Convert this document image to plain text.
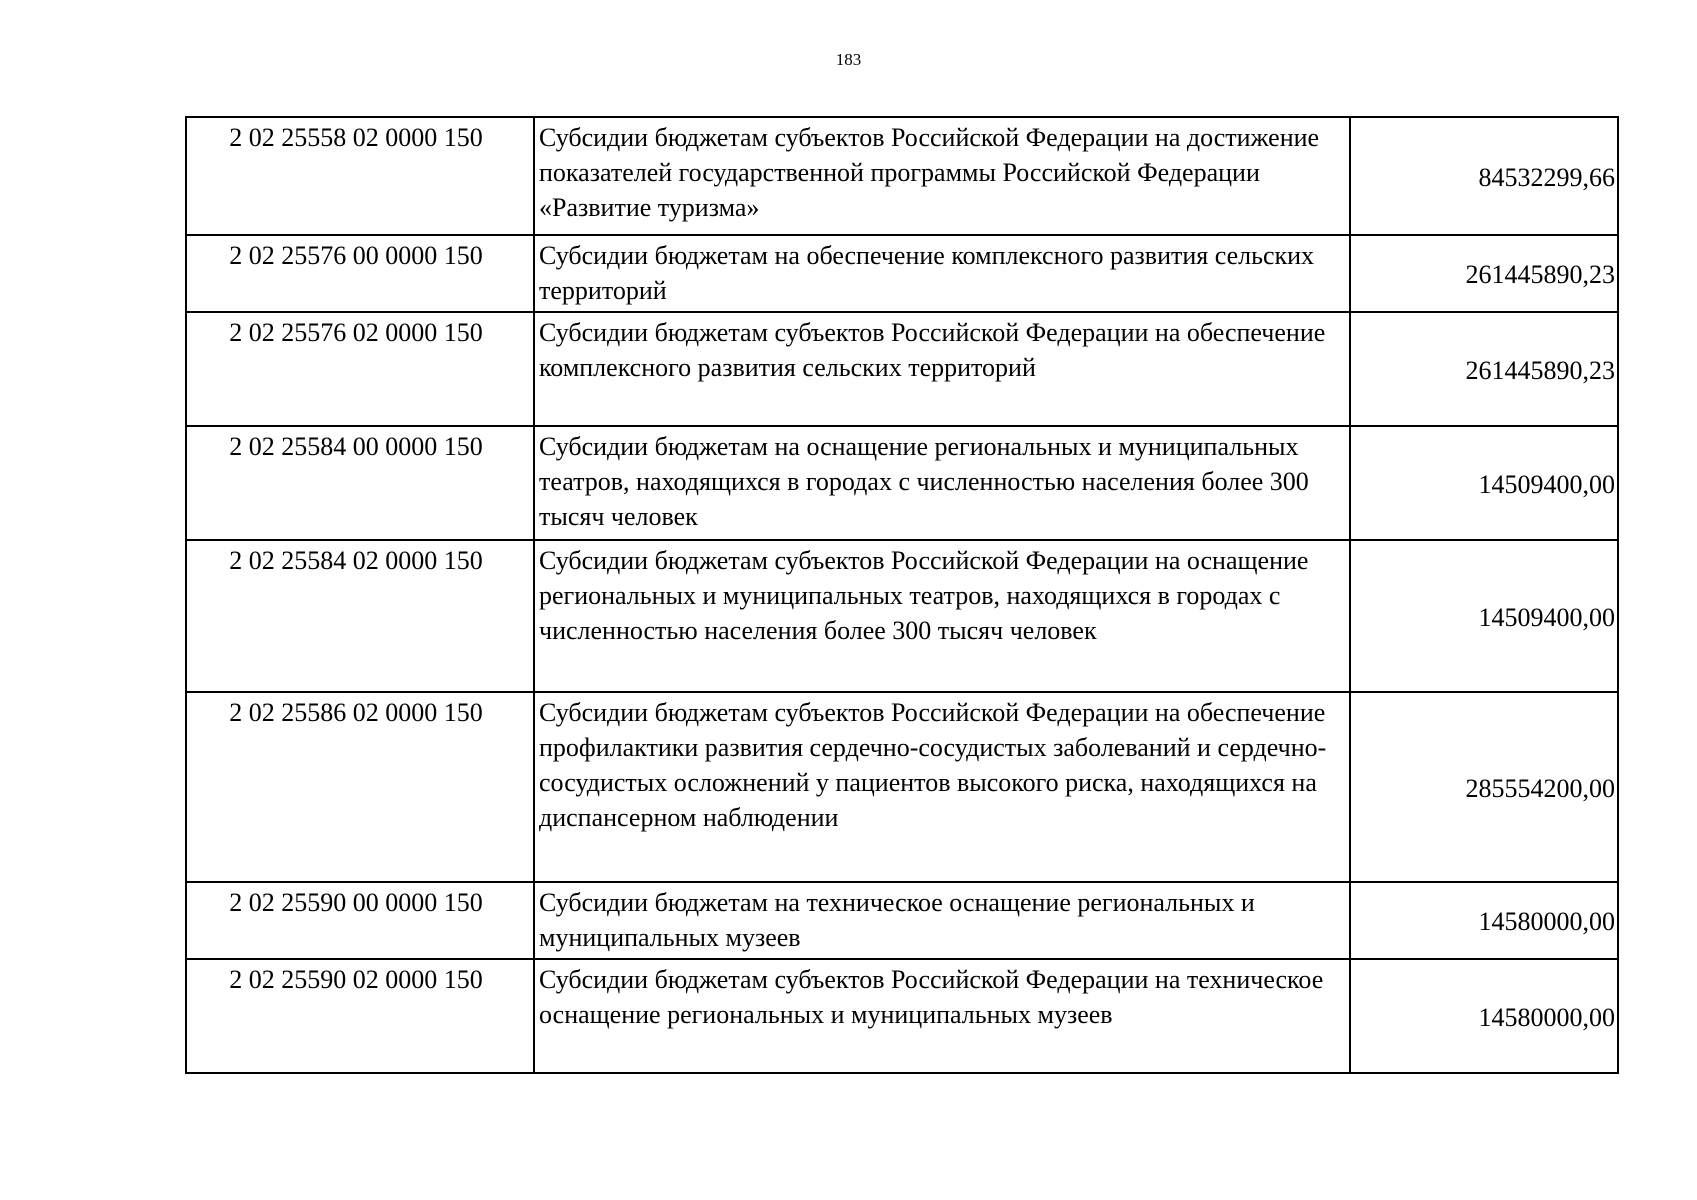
183
2 02 25558 02 0000 150	Субсидии бюджетам субъектов Российской Федерации на достижение показателей государственной программы Российской Федерации «Развитие туризма»	84532299,66
2 02 25576 00 0000 150	Субсидии бюджетам на обеспечение комплексного развития сельских территорий	261445890,23
2 02 25576 02 0000 150	Субсидии бюджетам субъектов Российской Федерации на обеспечение комплексного развития сельских территорий	261445890,23
2 02 25584 00 0000 150	Субсидии бюджетам на оснащение региональных и муниципальных театров, находящихся в городах с численностью населения более 300 тысяч человек	14509400,00
2 02 25584 02 0000 150	Субсидии бюджетам субъектов Российской Федерации на оснащение региональных и муниципальных театров, находящихся в городах с численностью населения более 300 тысяч человек	14509400,00
2 02 25586 02 0000 150	Субсидии бюджетам субъектов Российской Федерации на обеспечение профилактики развития сердечно-сосудистых заболеваний и сердечно-сосудистых осложнений у пациентов высокого риска, находящихся на диспансерном наблюдении	285554200,00
2 02 25590 00 0000 150	Субсидии бюджетам на техническое оснащение региональных и муниципальных музеев	14580000,00
2 02 25590 02 0000 150	Субсидии бюджетам субъектов Российской Федерации на техническое оснащение региональных и муниципальных музеев	14580000,00
